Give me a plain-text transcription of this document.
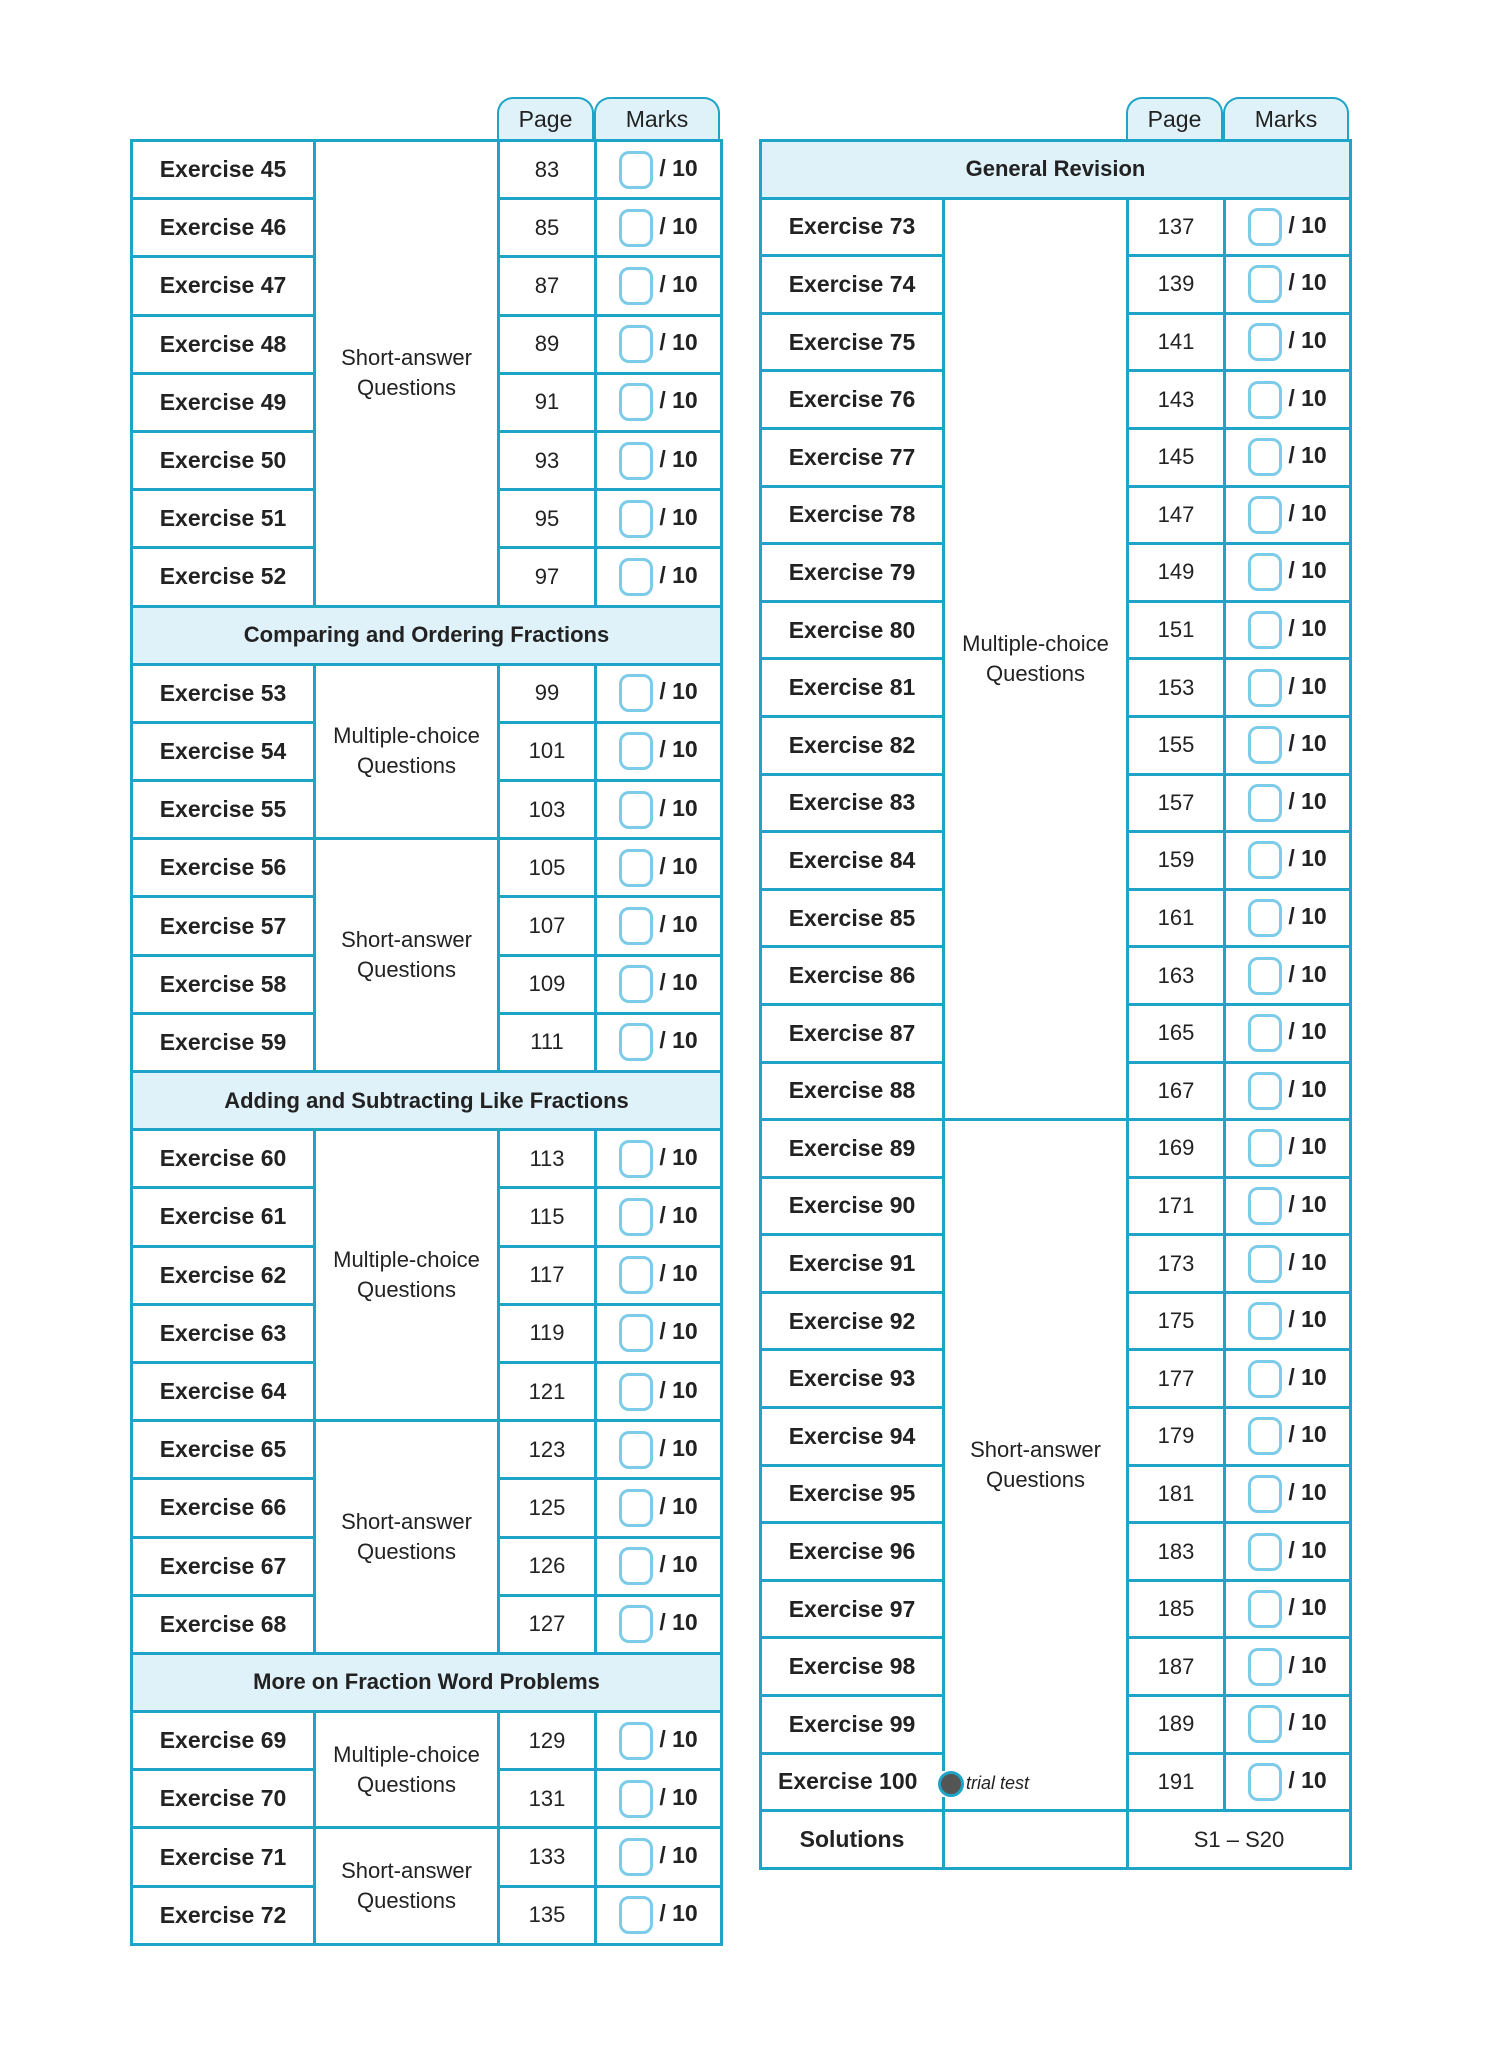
Page	Marks	Page	Marks
Exercise 45	Short-answer Questions	83	/ 10
Exercise 46		85	/ 10
Exercise 47		87	/ 10
Exercise 48		89	/ 10
Exercise 49		91	/ 10
Exercise 50		93	/ 10
Exercise 51		95	/ 10
Exercise 52		97	/ 10
Comparing and Ordering Fractions			
Exercise 53	Multiple-choice Questions	99	/ 10
Exercise 54		101	/ 10
Exercise 55		103	/ 10
Exercise 56	Short-answer Questions	105	/ 10
Exercise 57		107	/ 10
Exercise 58		109	/ 10
Exercise 59		111	/ 10
Adding and Subtracting Like Fractions			
Exercise 60	Multiple-choice Questions	113	/ 10
Exercise 61		115	/ 10
Exercise 62		117	/ 10
Exercise 63		119	/ 10
Exercise 64		121	/ 10
Exercise 65	Short-answer Questions	123	/ 10
Exercise 66		125	/ 10
Exercise 67		126	/ 10
Exercise 68		127	/ 10
More on Fraction Word Problems			
Exercise 69	Multiple-choice Questions	129	/ 10
Exercise 70		131	/ 10
Exercise 71	Short-answer Questions	133	/ 10
Exercise 72		135	/ 10
General Revision			
Exercise 73	Multiple-choice Questions	137	/ 10
Exercise 74		139	/ 10
Exercise 75		141	/ 10
Exercise 76		143	/ 10
Exercise 77		145	/ 10
Exercise 78		147	/ 10
Exercise 79		149	/ 10
Exercise 80		151	/ 10
Exercise 81		153	/ 10
Exercise 82		155	/ 10
Exercise 83		157	/ 10
Exercise 84		159	/ 10
Exercise 85		161	/ 10
Exercise 86		163	/ 10
Exercise 87		165	/ 10
Exercise 88		167	/ 10
Exercise 89	Short-answer Questions	169	/ 10
Exercise 90		171	/ 10
Exercise 91		173	/ 10
Exercise 92		175	/ 10
Exercise 93		177	/ 10
Exercise 94		179	/ 10
Exercise 95		181	/ 10
Exercise 96		183	/ 10
Exercise 97		185	/ 10
Exercise 98		187	/ 10
Exercise 99		189	/ 10
Exercise 100 trial test		191	/ 10
Solutions		S1 – S20	
